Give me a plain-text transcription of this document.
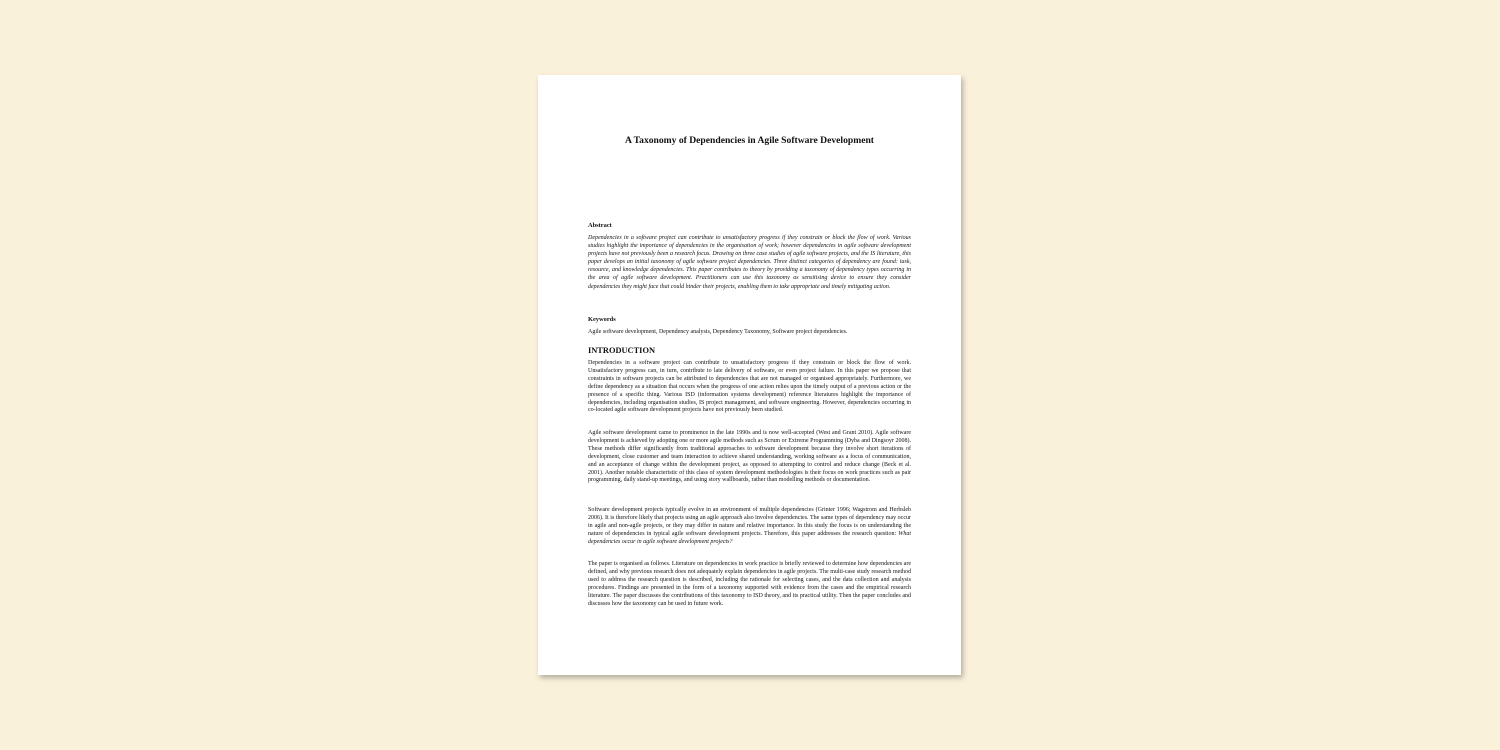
A Taxonomy of Dependencies in Agile Software Development
Abstract

Dependencies in a software project can contribute to unsatisfactory progress if they constrain or block the flow of work. Various studies highlight the importance of dependencies in the organisation of work; however dependencies in agile software development projects have not previously been a research focus. Drawing on three case studies of agile software projects, and the IS literature, this paper develops an initial taxonomy of agile software project dependencies. Three distinct categories of dependency are found: task, resource, and knowledge dependencies. This paper contributes to theory by providing a taxonomy of dependency types occurring in the area of agile software development. Practitioners can use this taxonomy as sensitising device to ensure they consider dependencies they might face that could hinder their projects, enabling them to take appropriate and timely mitigating action.

Keywords
Agile software development, Dependency analysis, Dependency Taxonomy, Software project dependencies.
INTRODUCTION

Dependencies in a software project can contribute to unsatisfactory progress if they constrain or block the flow of work. Unsatisfactory progress can, in turn, contribute to late delivery of software, or even project failure. In this paper we propose that constraints in software projects can be attributed to dependencies that are not managed or organised appropriately. Furthermore, we define dependency as a situation that occurs when the progress of one action relies upon the timely output of a previous action or the presence of a specific thing. Various ISD (information systems development) reference literatures highlight the importance of dependencies, including organisation studies, IS project management, and software engineering. However, dependencies occurring in co-located agile software development projects have not previously been studied.

Agile software development came to prominence in the late 1990s and is now well-accepted (West and Grant 2010). Agile software development is achieved by adopting one or more agile methods such as Scrum or Extreme Programming (Dyba and Dingsoyr 2008). These methods differ significantly from traditional approaches to software development because they involve short iterations of development, close customer and team interaction to achieve shared understanding, working software as a focus of communication, and an acceptance of change within the development project, as opposed to attempting to control and reduce change (Beck et al. 2001). Another notable characteristic of this class of system development methodologies is their focus on work practices such as pair programming, daily stand-up meetings, and using story wallboards, rather than modelling methods or documentation.

Software development projects typically evolve in an environment of multiple dependencies (Grinter 1996; Wagstrom and Herbsleb 2006). It is therefore likely that projects using an agile approach also involve dependencies. The same types of dependency may occur in agile and non-agile projects, or they may differ in nature and relative importance. In this study the focus is on understanding the nature of dependencies in typical agile software development projects. Therefore, this paper addresses the research question: What dependencies occur in agile software development projects?

The paper is organised as follows. Literature on dependencies in work practice is briefly reviewed to determine how dependencies are defined, and why previous research does not adequately explain dependencies in agile projects. The multi-case study research method used to address the research question is described, including the rationale for selecting cases, and the data collection and analysis procedures. Findings are presented in the form of a taxonomy supported with evidence from the cases and the empirical research literature. The paper discusses the contributions of this taxonomy to ISD theory, and its practical utility. Then the paper concludes and discusses how the taxonomy can be used in future work.
